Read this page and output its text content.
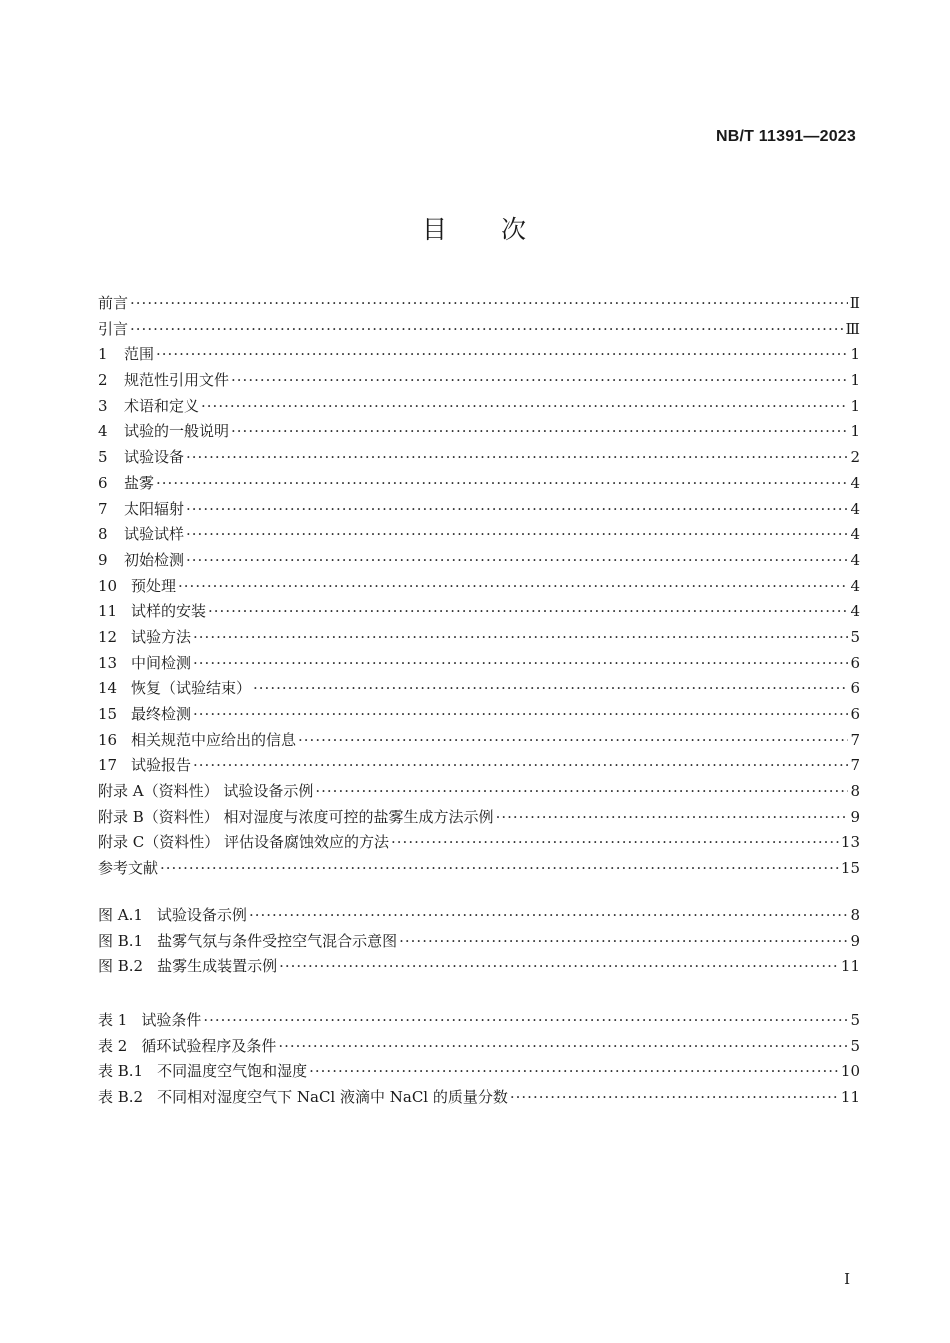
NB/T 11391—2023
目 次
前言 ·····	Ⅱ
引言 ·····	Ⅲ
1	范围 ·····	1
2	规范性引用文件 ·····	1
3	术语和定义 ·····	1
4	试验的一般说明 ·····	1
5	试验设备 ·····	2
6	盐雾 ·····	4
7	太阳辐射 ·····	4
8	试验试样 ·····	4
9	初始检测 ·····	4
10 预处理 ·····	4
11 试样的安装 ·····	4
12 试验方法 ·····	5
13 中间检测 ·····	6
14 恢复（试验结束） ·····	6
15 最终检测 ·····	6
16 相关规范中应给出的信息 ·····	7
17 试验报告 ·····	7
附录 A（资料性） 试验设备示例 ·····	8
附录 B（资料性） 相对湿度与浓度可控的盐雾生成方法示例 ·····	9
附录 C（资料性） 评估设备腐蚀效应的方法 ·····	13
参考文献 ·····	15
图 A.1 试验设备示例 ·····	8
图 B.1 盐雾气氛与条件受控空气混合示意图 ·····	9
图 B.2 盐雾生成装置示例 ·····	11
表 1 试验条件 ·····	5
表 2 循环试验程序及条件 ·····	5
表 B.1 不同温度空气饱和湿度 ·····	10
表 B.2 不同相对湿度空气下 NaCl 液滴中 NaCl 的质量分数 ·····	11
I
